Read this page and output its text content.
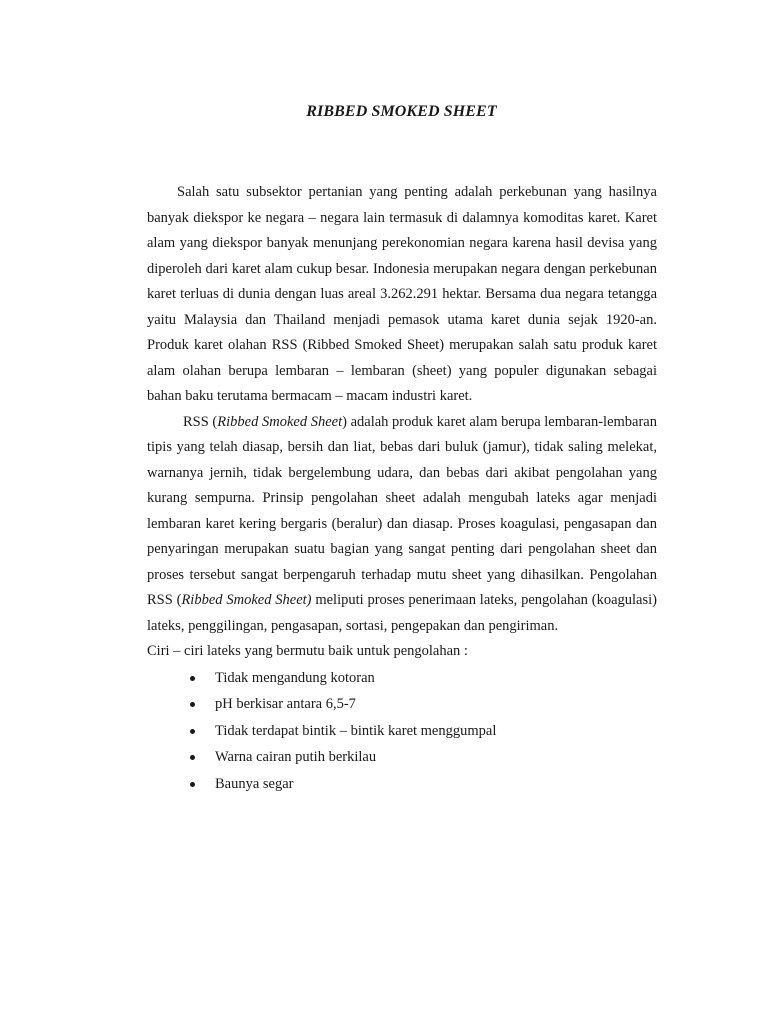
RIBBED SMOKED SHEET

Salah satu subsektor pertanian yang penting adalah perkebunan yang hasilnya banyak diekspor ke negara – negara lain termasuk di dalamnya komoditas karet. Karet alam yang diekspor banyak menunjang perekonomian negara karena hasil devisa yang diperoleh dari karet alam cukup besar. Indonesia merupakan negara dengan perkebunan karet terluas di dunia dengan luas areal 3.262.291 hektar. Bersama dua negara tetangga yaitu Malaysia dan Thailand menjadi pemasok utama karet dunia sejak 1920-an. Produk karet olahan RSS (Ribbed Smoked Sheet) merupakan salah satu produk karet alam olahan berupa lembaran – lembaran (sheet) yang populer digunakan sebagai bahan baku terutama bermacam – macam industri karet.

RSS (Ribbed Smoked Sheet) adalah produk karet alam berupa lembaran-lembaran tipis yang telah diasap, bersih dan liat, bebas dari buluk (jamur), tidak saling melekat, warnanya jernih, tidak bergelembung udara, dan bebas dari akibat pengolahan yang kurang sempurna. Prinsip pengolahan sheet adalah mengubah lateks agar menjadi lembaran karet kering bergaris (beralur) dan diasap. Proses koagulasi, pengasapan dan penyaringan merupakan suatu bagian yang sangat penting dari pengolahan sheet dan proses tersebut sangat berpengaruh terhadap mutu sheet yang dihasilkan. Pengolahan RSS (Ribbed Smoked Sheet) meliputi proses penerimaan lateks, pengolahan (koagulasi) lateks, penggilingan, pengasapan, sortasi, pengepakan dan pengiriman.

Ciri – ciri lateks yang bermutu baik untuk pengolahan :

Tidak mengandung kotoran
pH berkisar antara 6,5-7
Tidak terdapat bintik – bintik karet menggumpal
Warna cairan putih berkilau
Baunya segar
